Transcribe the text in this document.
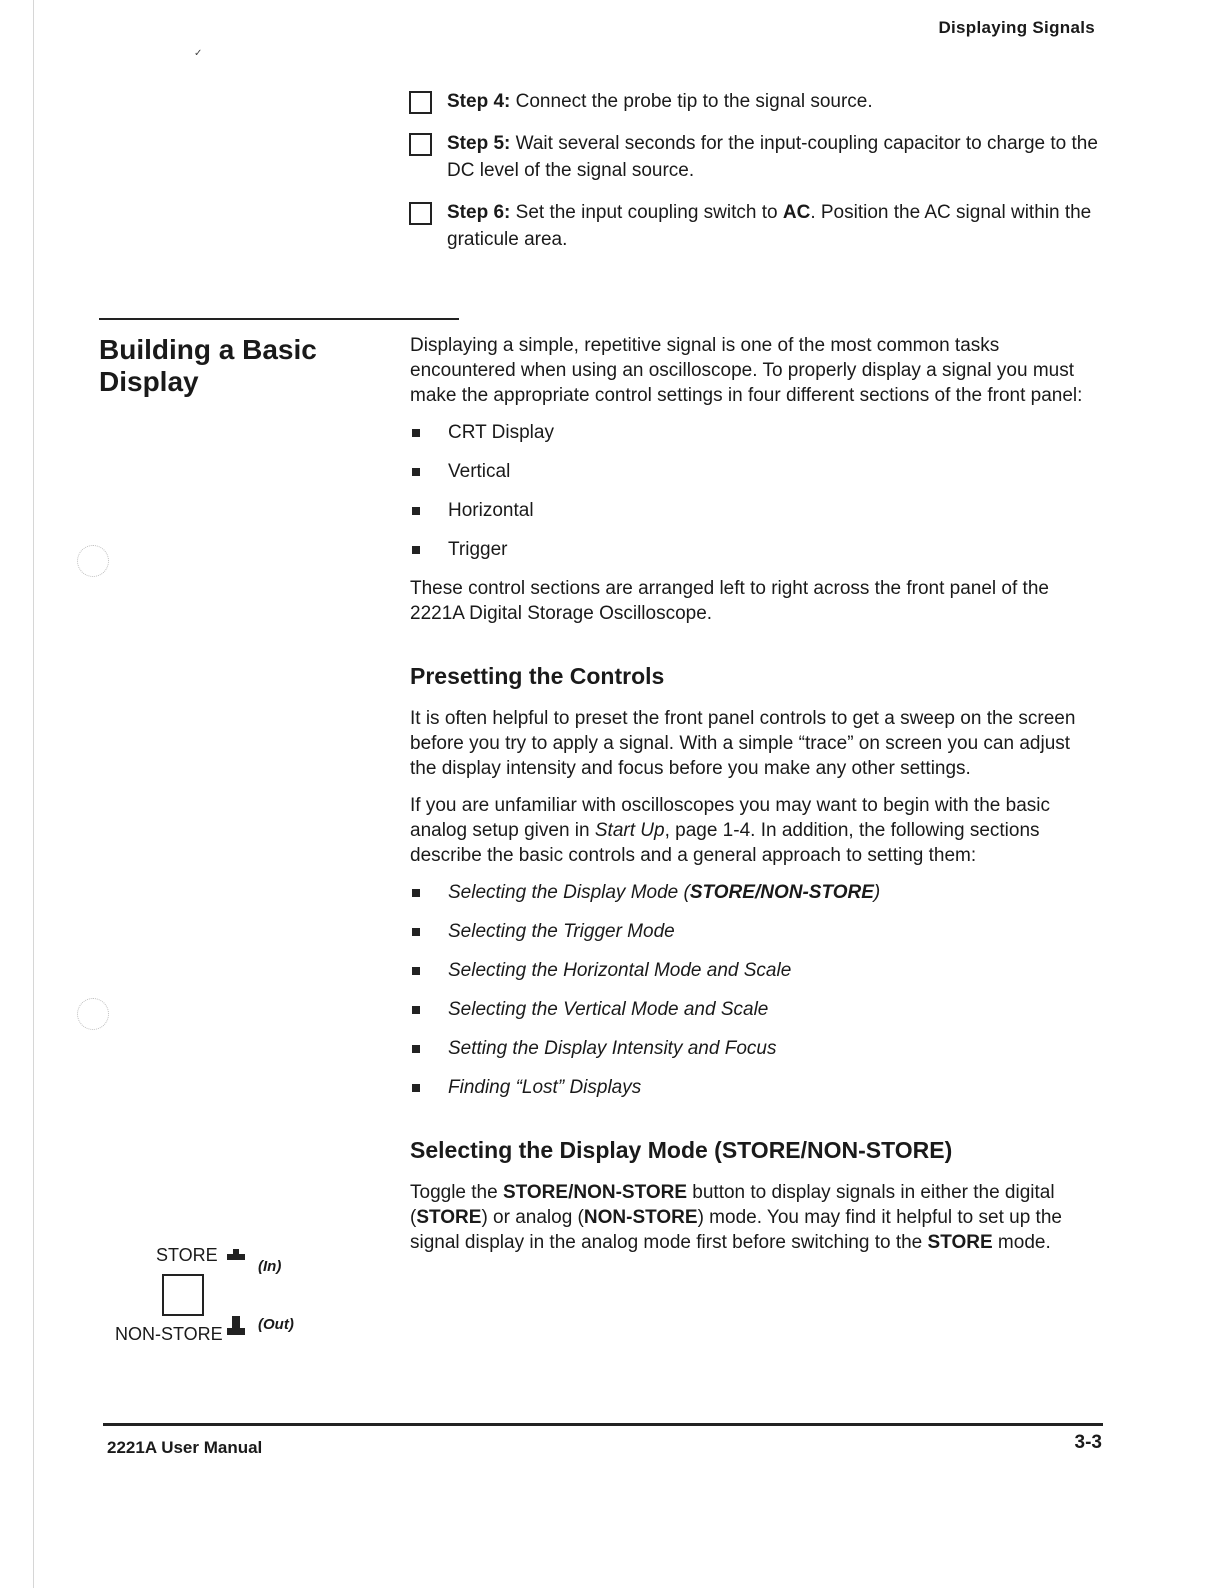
✓
Displaying Signals
Step 4: Connect the probe tip to the signal source.
Step 5: Wait several seconds for the input-coupling capacitor to charge to the DC level of the signal source.
Step 6: Set the input coupling switch to AC. Position the AC signal within the graticule area.
Building a Basic Display

Displaying a simple, repetitive signal is one of the most common tasks encountered when using an oscilloscope. To properly display a signal you must make the appropriate control settings in four different sections of the front panel:

CRT Display
Vertical
Horizontal
Trigger

These control sections are arranged left to right across the front panel of the 2221A Digital Storage Oscilloscope.

Presetting the Controls

It is often helpful to preset the front panel controls to get a sweep on the screen before you try to apply a signal. With a simple “trace” on screen you can adjust the display intensity and focus before you make any other settings.

If you are unfamiliar with oscilloscopes you may want to begin with the basic analog setup given in Start Up, page 1-4. In addition, the following sections describe the basic controls and a general approach to setting them:

Selecting the Display Mode (STORE/NON-STORE)
Selecting the Trigger Mode
Selecting the Horizontal Mode and Scale
Selecting the Vertical Mode and Scale
Setting the Display Intensity and Focus
Finding “Lost” Displays
Selecting the Display Mode (STORE/NON-STORE)

Toggle the STORE/NON-STORE button to display signals in either the digital (STORE) or analog (NON-STORE) mode. You may find it helpful to set up the signal display in the analog mode first before switching to the STORE mode.

STORE
(In)
NON-STORE (Out)
2221A User Manual	3-3
